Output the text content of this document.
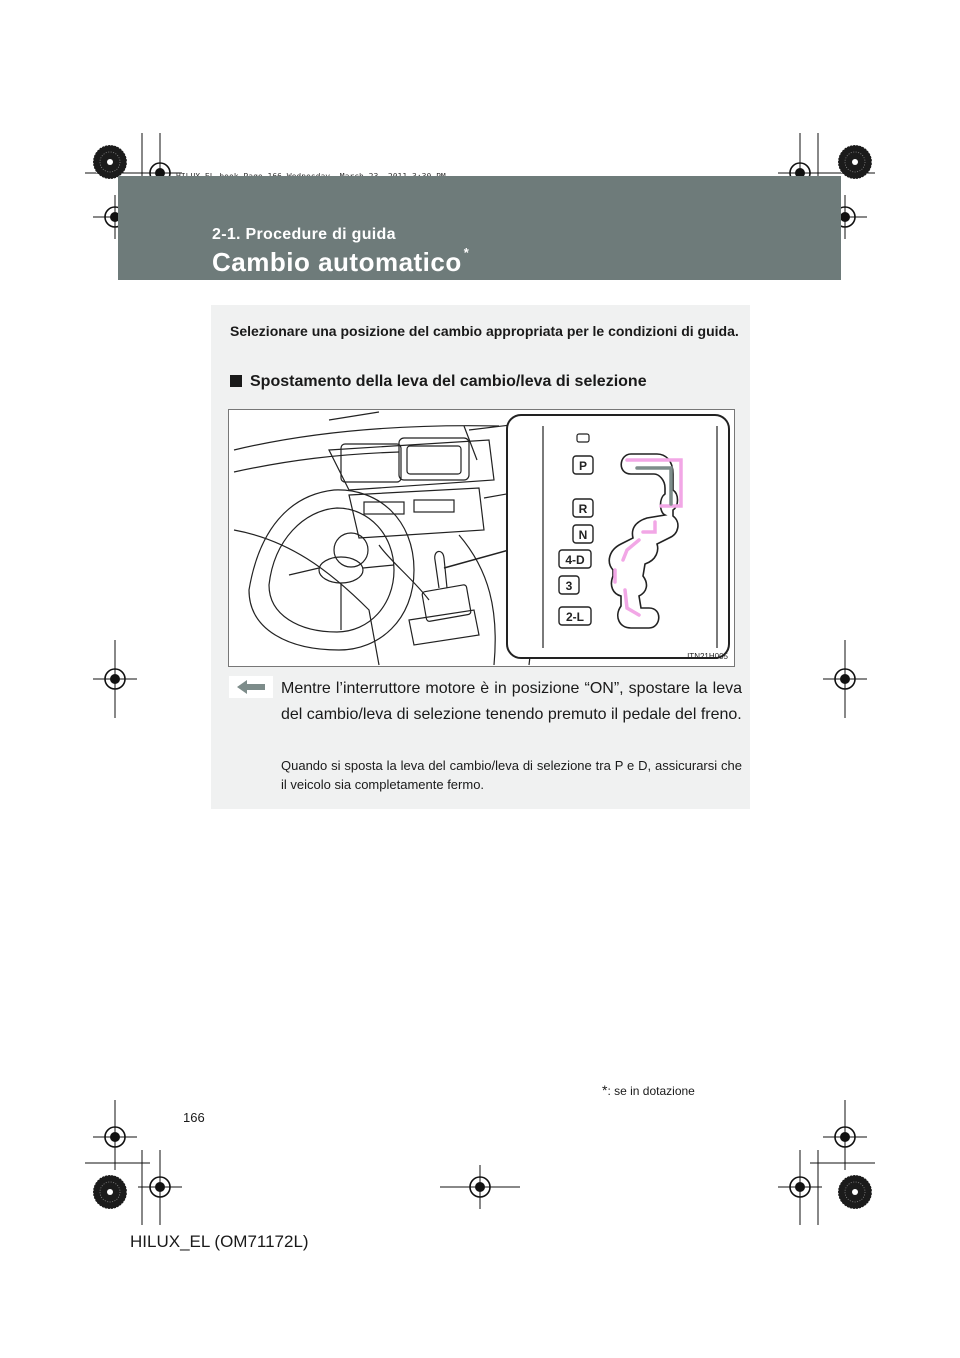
2-1. Procedure di guida
Cambio automatico *
Selezionare una posizione del cambio appropriata per le condizioni di guida.
Spostamento della leva del cambio/leva di selezione
P
R
N
4-D
3
2-L
ITN21H005
Mentre l’interruttore motore è in posizione “ON”, spostare la leva del cambio/leva di selezione tenendo premuto il pedale del freno.
Quando si sposta la leva del cambio/leva di selezione tra P e D, assicurarsi che il veicolo sia completamente fermo.
*: se in dotazione
166
HILUX_EL (OM71172L)
